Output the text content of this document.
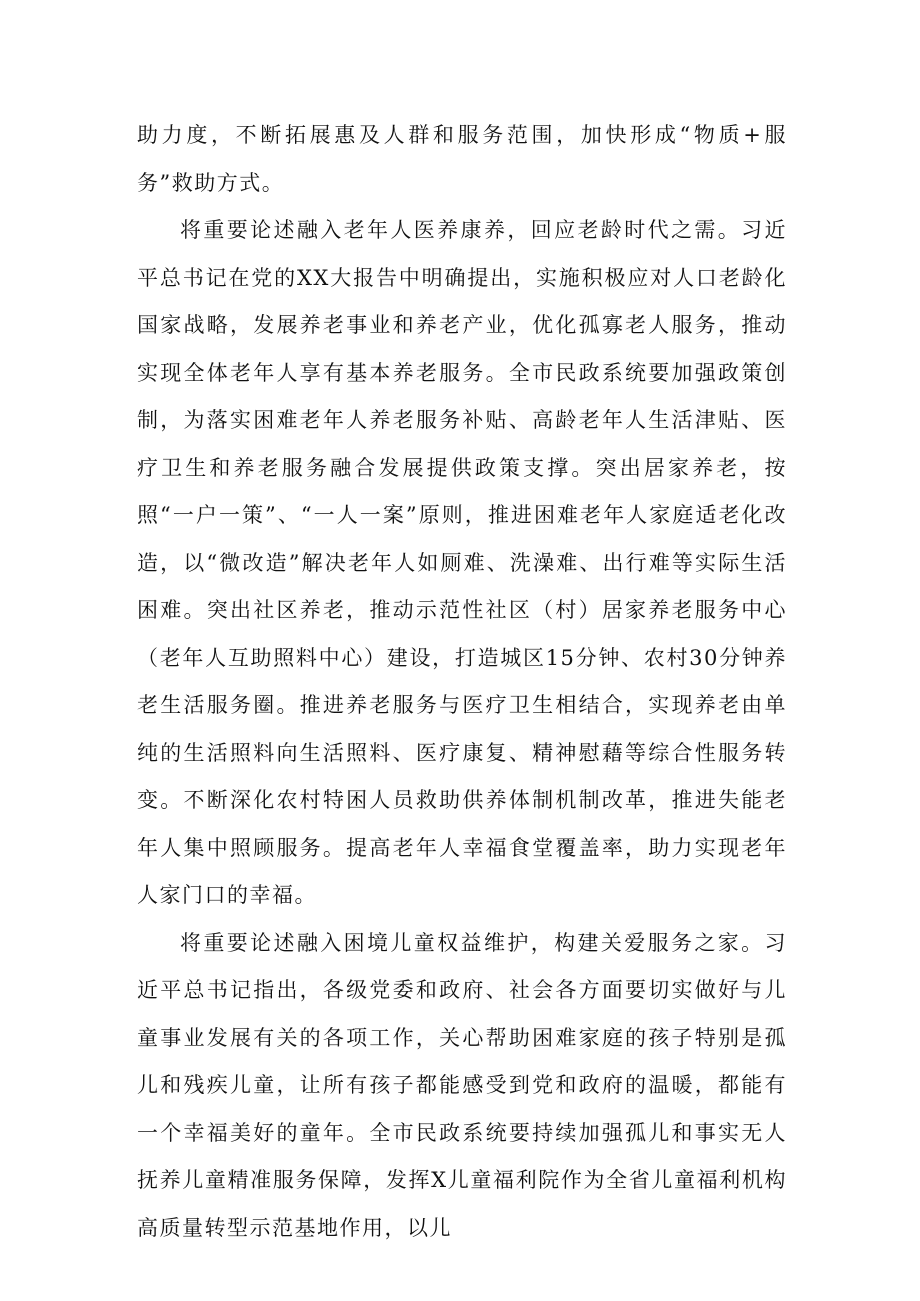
助力度，不断拓展惠及人群和服务范围，加快形成“物质+服务”救助方式。

将重要论述融入老年人医养康养，回应老龄时代之需。习近平总书记在党的XX大报告中明确提出，实施积极应对人口老龄化国家战略，发展养老事业和养老产业，优化孤寡老人服务，推动实现全体老年人享有基本养老服务。全市民政系统要加强政策创制，为落实困难老年人养老服务补贴、高龄老年人生活津贴、医疗卫生和养老服务融合发展提供政策支撑。突出居家养老，按照“一户一策”、“一人一案”原则，推进困难老年人家庭适老化改造，以“微改造”解决老年人如厕难、洗澡难、出行难等实际生活困难。突出社区养老，推动示范性社区（村）居家养老服务中心（老年人互助照料中心）建设，打造城区15分钟、农村30分钟养老生活服务圈。推进养老服务与医疗卫生相结合，实现养老由单纯的生活照料向生活照料、医疗康复、精神慰藉等综合性服务转变。不断深化农村特困人员救助供养体制机制改革，推进失能老年人集中照顾服务。提高老年人幸福食堂覆盖率，助力实现老年人家门口的幸福。

将重要论述融入困境儿童权益维护，构建关爱服务之家。习近平总书记指出，各级党委和政府、社会各方面要切实做好与儿童事业发展有关的各项工作，关心帮助困难家庭的孩子特别是孤儿和残疾儿童，让所有孩子都能感受到党和政府的温暖，都能有一个幸福美好的童年。全市民政系统要持续加强孤儿和事实无人抚养儿童精准服务保障，发挥X儿童福利院作为全省儿童福利机构高质量转型示范基地作用，以儿
